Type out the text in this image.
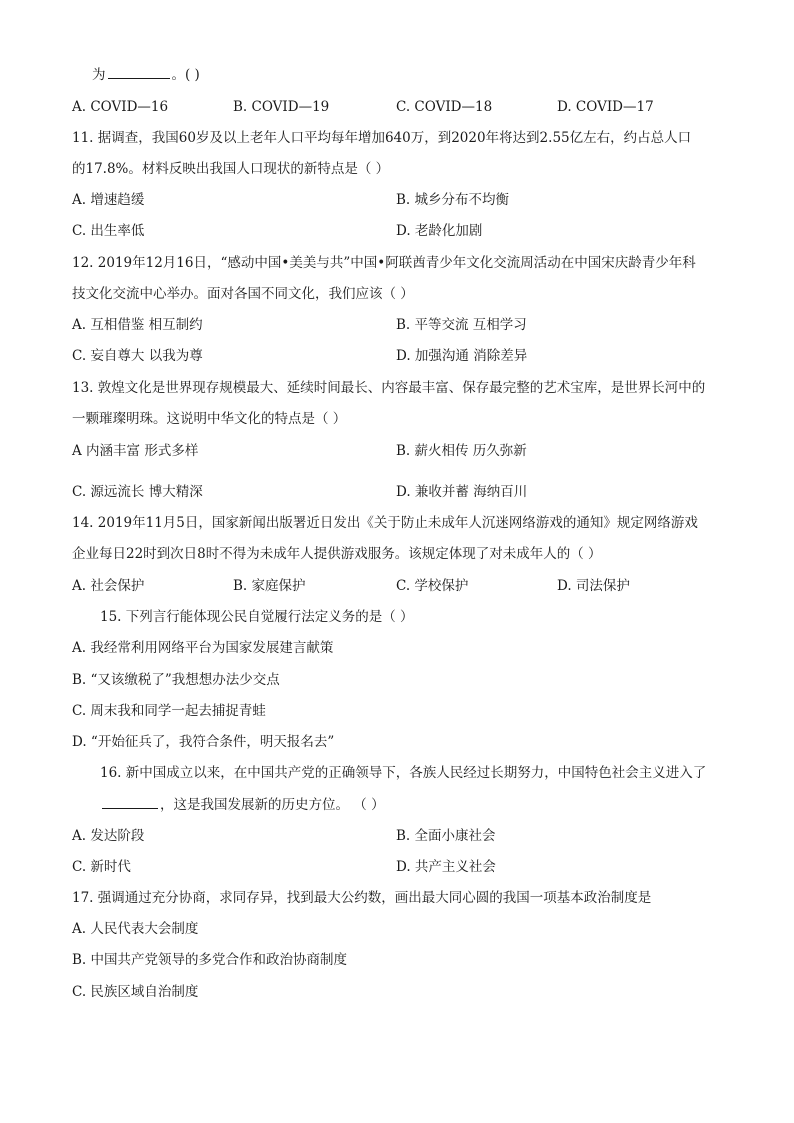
为	。( )
A. COVID—16	B. COVID—19	C. COVID—18	D. COVID—17
11. 据调查，我国60岁及以上老年人口平均每年增加640万，到2020年将达到2.55亿左右，约占总人口
的17.8%。材料反映出我国人口现状的新特点是（ ）
A. 增速趋缓	B. 城乡分布不均衡
C. 出生率低	D. 老龄化加剧
12. 2019年12月16日，“感动中国•美美与共”中国•阿联酋青少年文化交流周活动在中国宋庆龄青少年科
技文化交流中心举办。面对各国不同文化，我们应该（ ）
A. 互相借鉴 相互制约	B. 平等交流 互相学习
C. 妄自尊大 以我为尊	D. 加强沟通 消除差异
13. 敦煌文化是世界现存规模最大、延续时间最长、内容最丰富、保存最完整的艺术宝库，是世界长河中的
一颗璀璨明珠。这说明中华文化的特点是（ ）
A 内涵丰富 形式多样	B. 薪火相传 历久弥新
C. 源远流长 博大精深	D. 兼收并蓄 海纳百川
14. 2019年11月5日，国家新闻出版署近日发出《关于防止未成年人沉迷网络游戏的通知》规定网络游戏
企业每日22时到次日8时不得为未成年人提供游戏服务。该规定体现了对未成年人的（ ）
A. 社会保护	B. 家庭保护	C. 学校保护	D. 司法保护
15. 下列言行能体现公民自觉履行法定义务的是（ ）
A. 我经常利用网络平台为国家发展建言献策
B. “又该缴税了”我想想办法少交点
C. 周末我和同学一起去捕捉青蛙
D. “开始征兵了，我符合条件，明天报名去”
16. 新中国成立以来，在中国共产党的正确领导下，各族人民经过长期努力，中国特色社会主义进入了
，这是我国发展新的历史方位。 （ ）
A. 发达阶段	B. 全面小康社会
C. 新时代	D. 共产主义社会
17. 强调通过充分协商，求同存异，找到最大公约数，画出最大同心圆的我国一项基本政治制度是
A. 人民代表大会制度
B. 中国共产党领导的多党合作和政治协商制度
C. 民族区域自治制度
